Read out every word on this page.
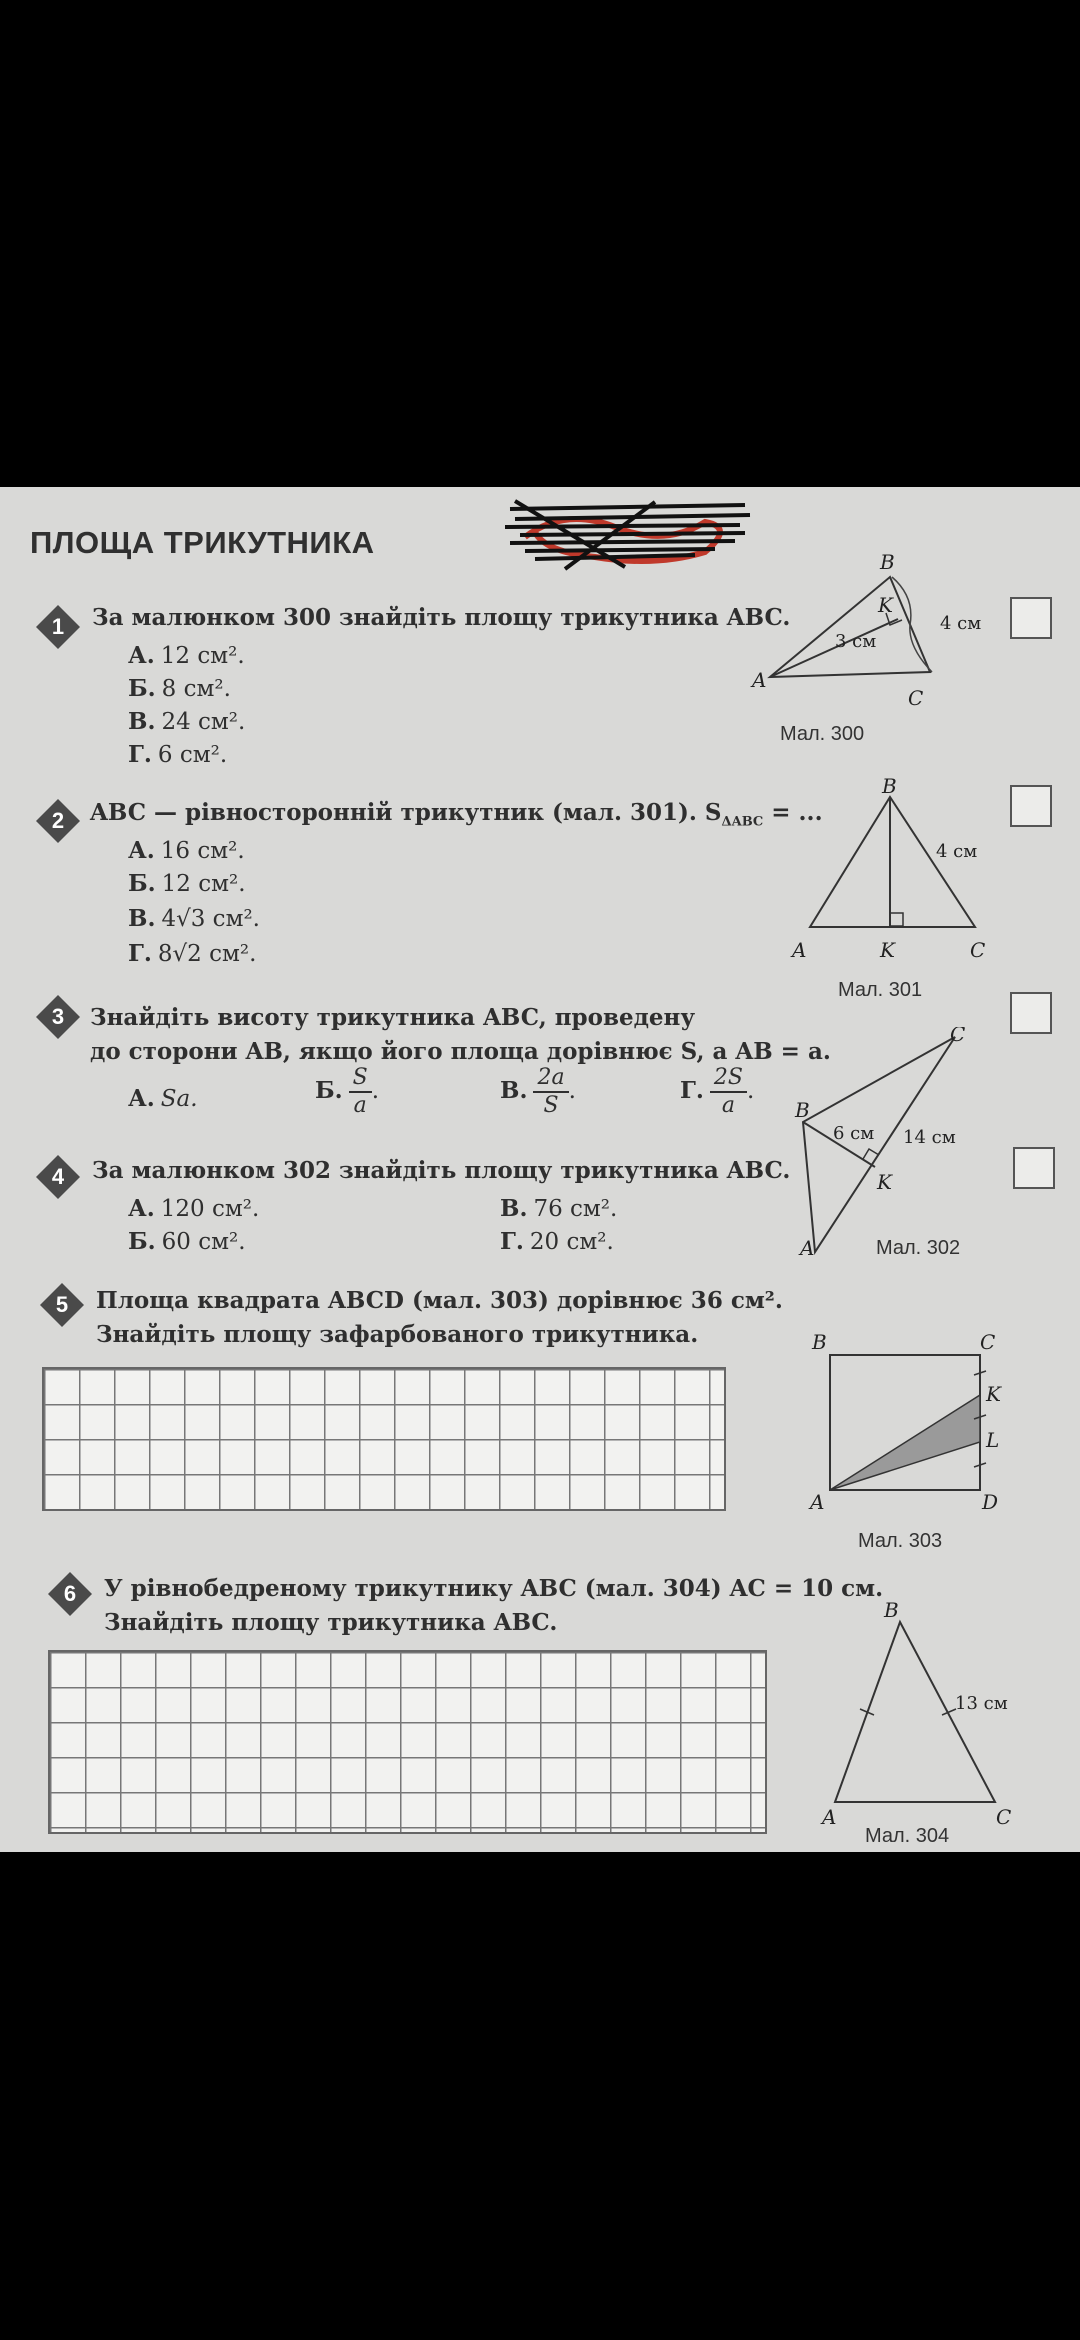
ПЛОЩА ТРИКУТНИКА
1	За малюнком 300 знайдіть площу трикутника ABC.
А. 12 см².
Б. 8 см².
В. 24 см².
Г. 6 см².
B
A
C
K
3 см
4 см
Мал. 300
2	ABC — рівносторонній трикутник (мал. 301). $S_{\Delta ABC}$ = ...
А. 16 см².
Б. 12 см².
В. 4√3 см².
Г. 8√2 см².
B
A	C
K
4 см
Мал. 301
3	Знайдіть висоту трикутника ABC, проведену
до сторони AB, якщо його площа дорівнює S, а AB = a.
А. Sa.	Б. $\frac{S}{a}$ .	В. $\frac{2a}{S}$ .	Г. $\frac{2S}{a}$ .
4	За малюнком 302 знайдіть площу трикутника ABC.
А. 120 см².
Б. 60 см².
В. 76 см².
Г. 20 см².
C
B
A
K
6 см 14 см
Мал. 302
5	Площа квадрата ABCD (мал. 303) дорівнює 36 см².
Знайдіть площу зафарбованого трикутника.	B	C
A	D
K
L
Мал. 303
6	У рівнобедреному трикутнику ABC (мал. 304) AC = 10 см.
Знайдіть площу трикутника ABC.	B
A	C
13 см
Мал. 304
